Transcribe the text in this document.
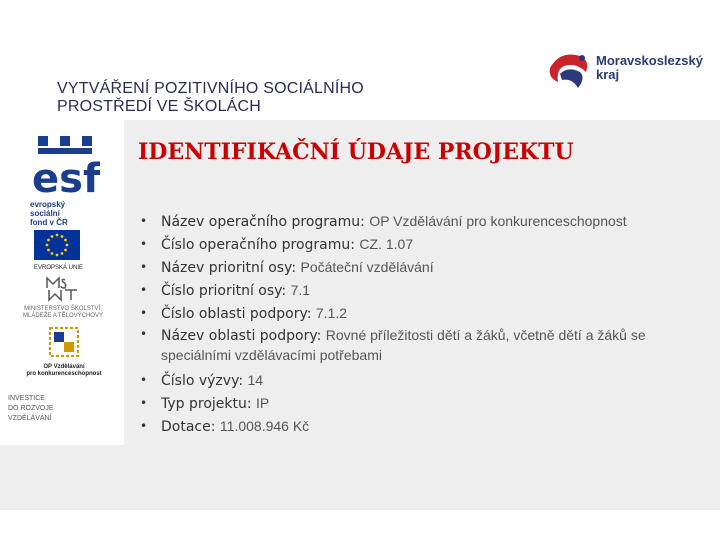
VYTVÁŘENÍ POZITIVNÍHO SOCIÁLNÍHO
PROSTŘEDÍ VE ŠKOLÁCH
Moravskoslezský
kraj
esf
evropský
sociální
fond v ČR
EVROPSKÁ UNIE
MINISTERSTVO ŠKOLSTVÍ,
MLÁDEŽE A TĚLOVÝCHOVY
OP Vzdělávání
pro konkurenceschopnost
INVESTICE
DO ROZVOJE
VZDĚLÁVÁNÍ
IDENTIFIKAČNÍ ÚDAJE PROJEKTU
• Název operačního programu: OP Vzdělávání pro konkurenceschopnost
• Číslo operačního programu: CZ. 1.07
• Název prioritní osy: Počáteční vzdělávání
• Číslo prioritní osy: 7.1
• Číslo oblasti podpory: 7.1.2
• Název oblasti podpory: Rovné příležitosti dětí a žáků, včetně dětí a žáků se speciálními vzdělávacími potřebami
• Číslo výzvy: 14
• Typ projektu: IP
• Dotace: 11.008.946 Kč
